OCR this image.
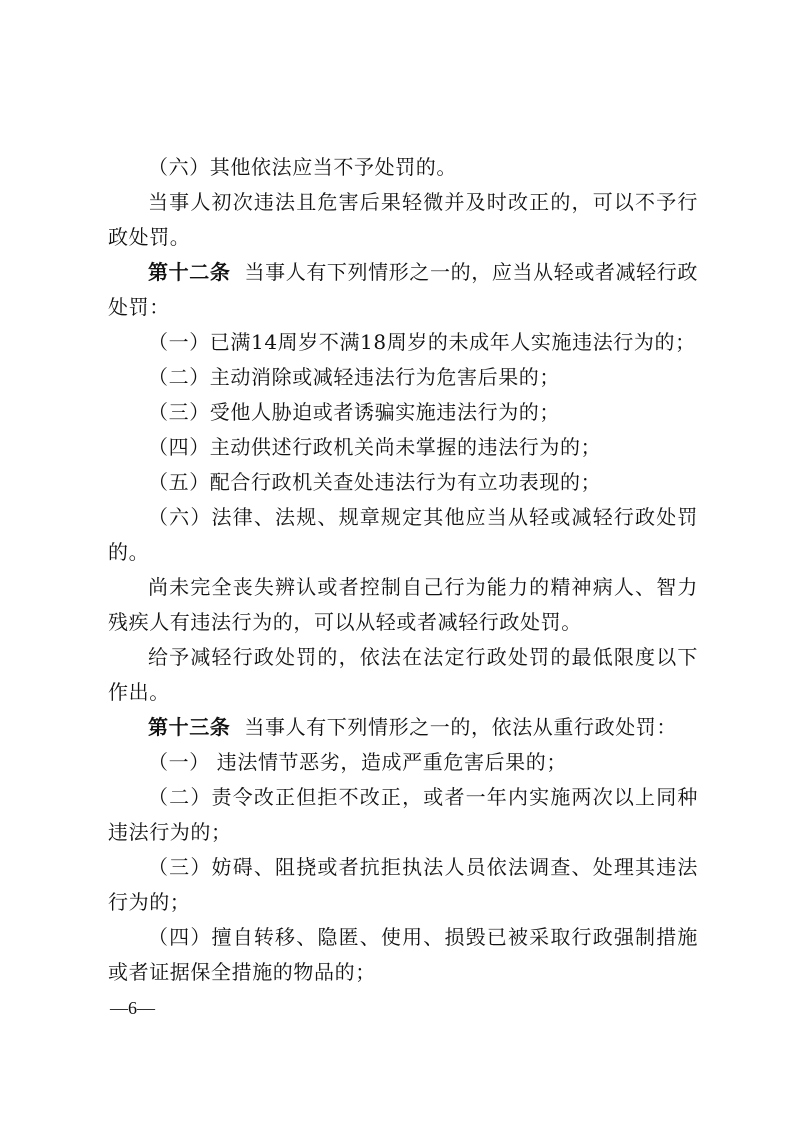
（六）其他依法应当不予处罚的。

当事人初次违法且危害后果轻微并及时改正的，可以不予行政处罚。

第十二条 当事人有下列情形之一的，应当从轻或者减轻行政处罚：

（一）已满14周岁不满18周岁的未成年人实施违法行为的；

（二）主动消除或减轻违法行为危害后果的；

（三）受他人胁迫或者诱骗实施违法行为的；

（四）主动供述行政机关尚未掌握的违法行为的；

（五）配合行政机关查处违法行为有立功表现的；

（六）法律、法规、规章规定其他应当从轻或减轻行政处罚的。

尚未完全丧失辨认或者控制自己行为能力的精神病人、智力残疾人有违法行为的，可以从轻或者减轻行政处罚。

给予减轻行政处罚的，依法在法定行政处罚的最低限度以下作出。

第十三条 当事人有下列情形之一的，依法从重行政处罚：

（一） 违法情节恶劣，造成严重危害后果的；

（二）责令改正但拒不改正，或者一年内实施两次以上同种违法行为的；

（三）妨碍、阻挠或者抗拒执法人员依法调查、处理其违法行为的；

（四）擅自转移、隐匿、使用、损毁已被采取行政强制措施或者证据保全措施的物品的；

—6—
